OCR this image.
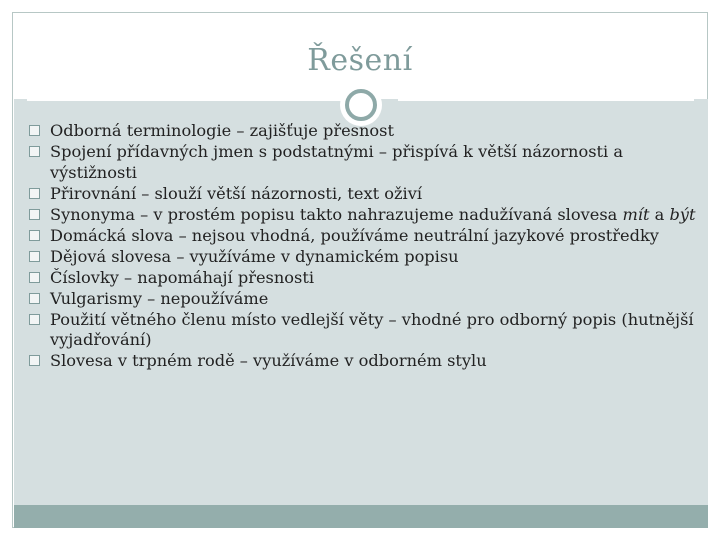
Řešení
Odborná terminologie – zajišťuje přesnost
Spojení přídavných jmen s podstatnými – přispívá k větší názornosti a výstižnosti
Přirovnání – slouží větší názornosti, text oživí
Synonyma – v prostém popisu takto nahrazujeme nadužívaná slovesa mít a být
Domácká slova – nejsou vhodná, používáme neutrální jazykové prostředky
Dějová slovesa – využíváme v dynamickém popisu
Číslovky – napomáhají přesnosti
Vulgarismy – nepoužíváme
Použití větného členu místo vedlejší věty – vhodné pro odborný popis (hutnější vyjadřování)
Slovesa v trpném rodě – využíváme v odborném stylu
